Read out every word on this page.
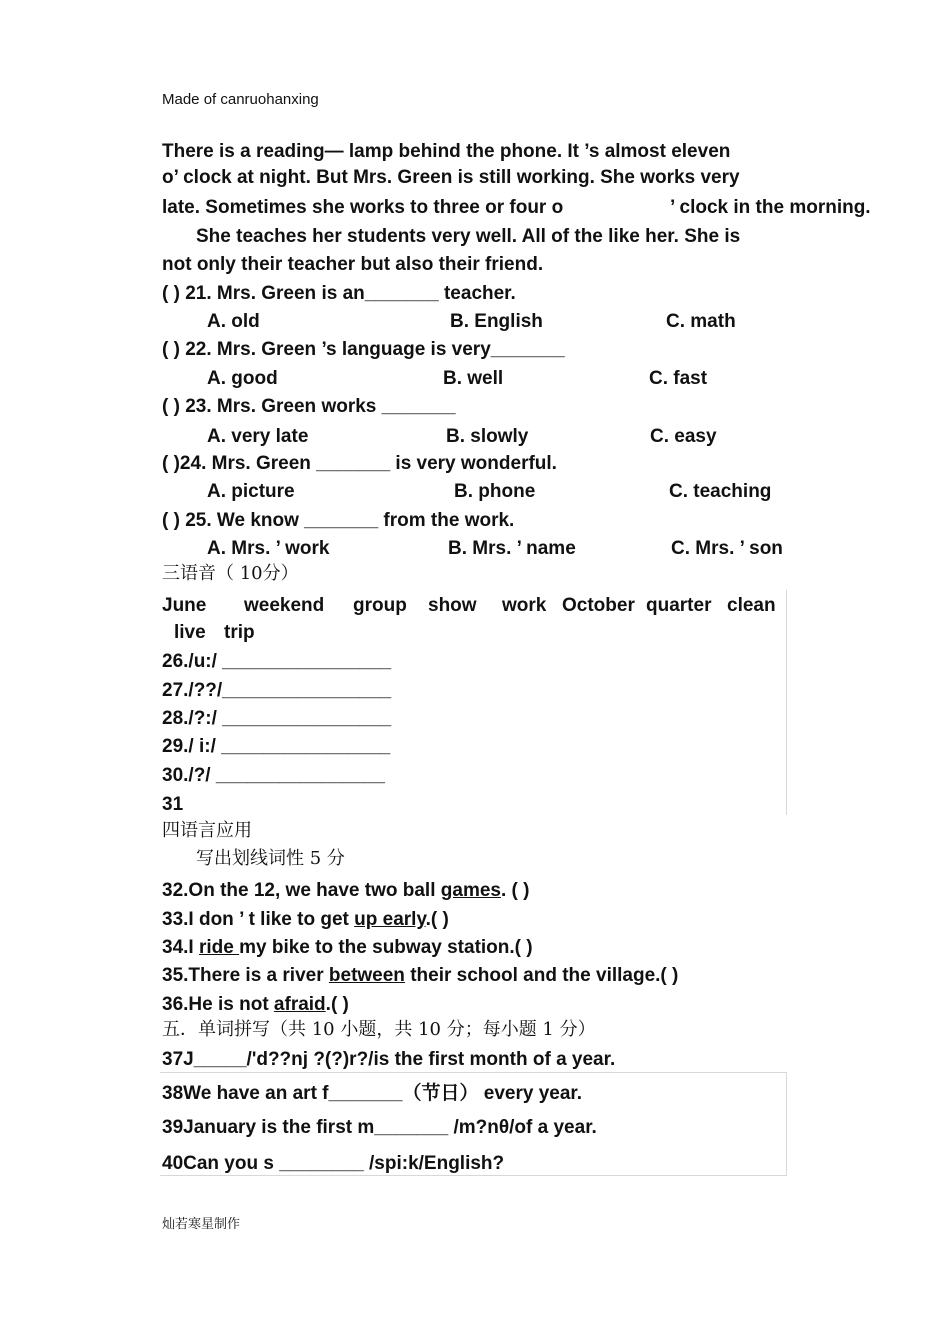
Made of canruohanxing
There is a reading— lamp behind the phone. It ’s almost eleven
o’ clock at night. But Mrs. Green is still working. She works very
late. Sometimes she works to three or four o	’ clock in the morning.
She teaches her students very well. All of the like her. She is
not only their teacher but also their friend.
( ) 21. Mrs. Green is an_______ teacher.
A. old	B. English	C. math
( ) 22. Mrs. Green ’s language is very_______
A. good	B. well	C. fast
( ) 23. Mrs. Green works _______
A. very late	B. slowly	C. easy
( )24. Mrs. Green _______ is very wonderful.
A. picture	B. phone	C. teaching
( ) 25. We know _______ from the work.
A. Mrs. ’ work	B. Mrs. ’ name	C. Mrs. ’ son
三语音（ 10分）
June weekend group show work October quarter clean
live trip
26./u:/ ________________
27./??/________________
28./?:/ ________________
29./ i:/ ________________
30./?/ ________________
31
四语言应用
写出划线词性 5 分
32.On the 12, we have two ball games. ( )
33.I don ’ t like to get up early.( )
34.I ride my bike to the subway station.( )
35.There is a river between their school and the village.( )
36.He is not afraid.( )
五．单词拼写（共 10 小题，共 10 分；每小题 1 分）
37J_____/'d??nj ?(?)r?/is the first month of a year.
38We have an art f_______（节日） every year.
39January is the first m_______ /m?nθ/of a year.
40Can you s ________ /spi:k/English?
灿若寒星制作
